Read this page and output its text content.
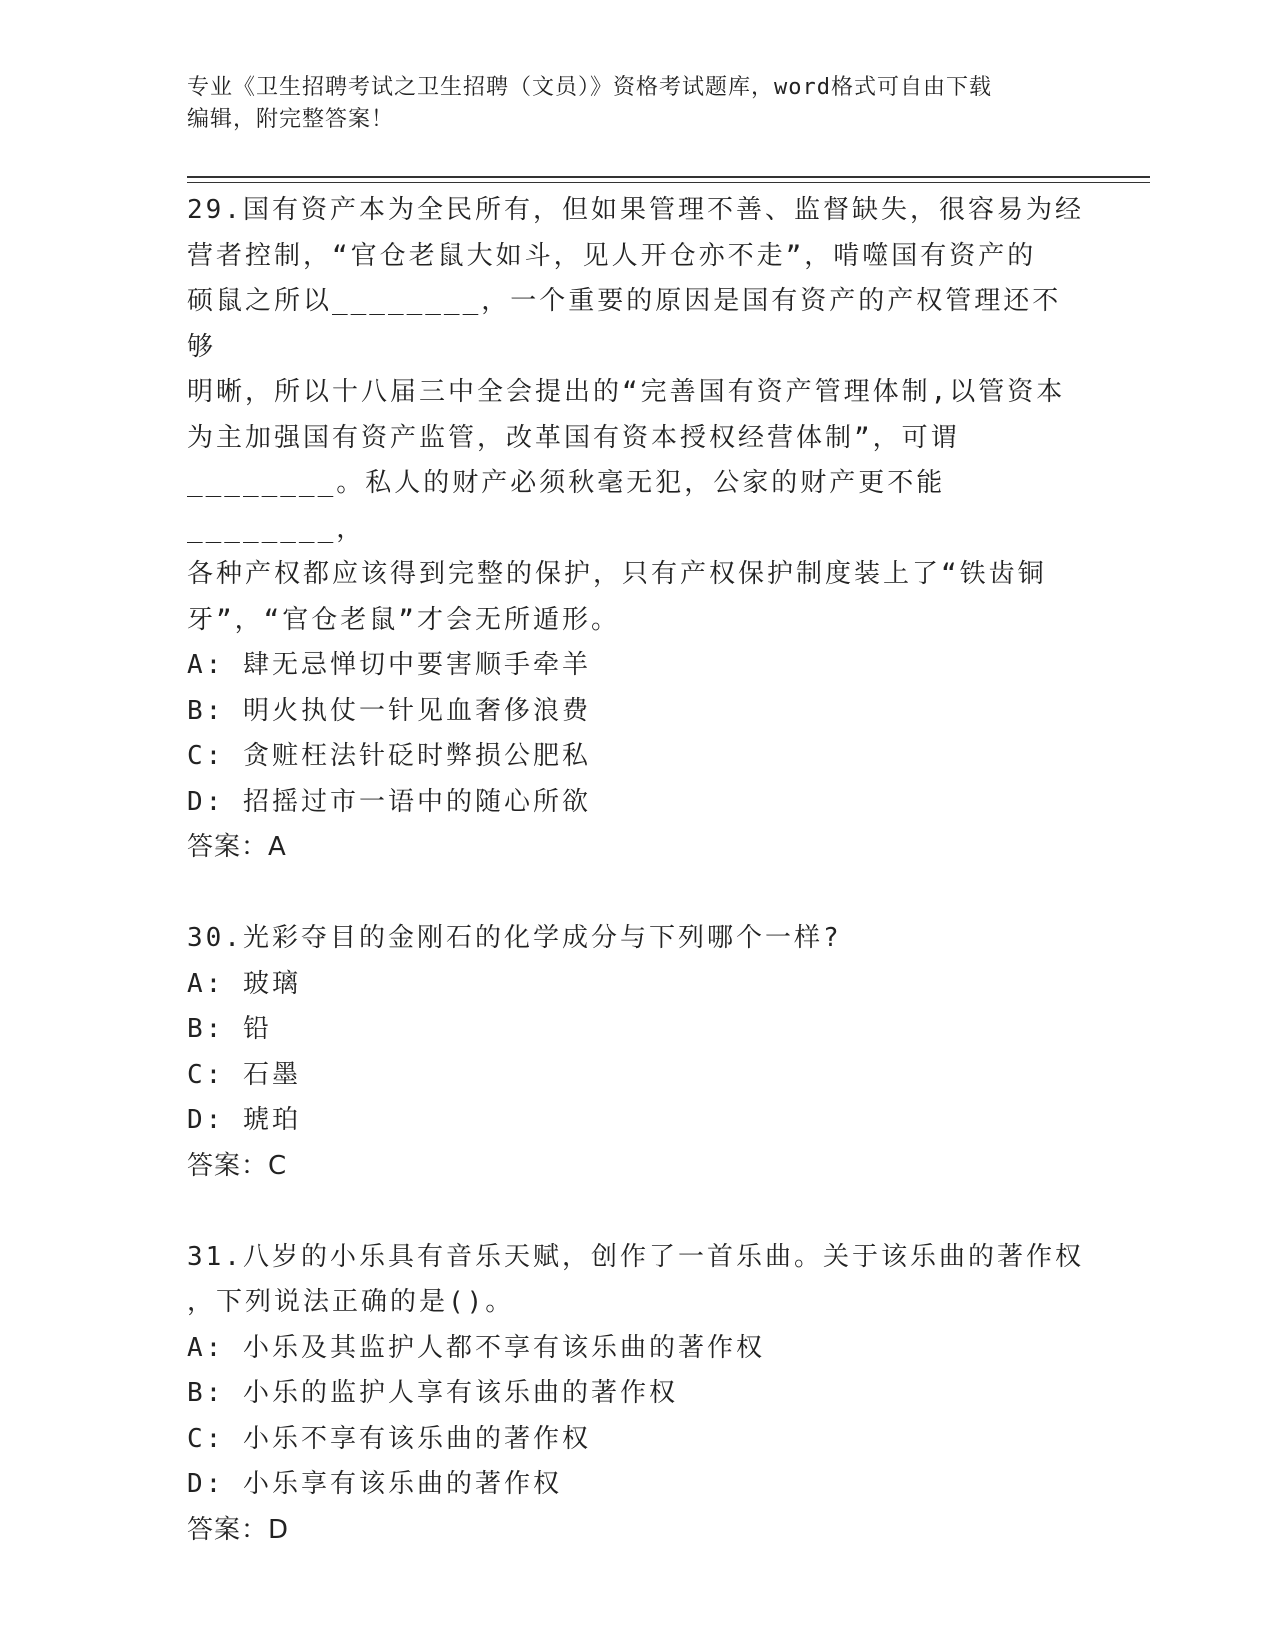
专业《卫生招聘考试之卫生招聘（文员）》资格考试题库，word格式可自由下载
编辑，附完整答案！
29.国有资产本为全民所有，但如果管理不善、监督缺失，很容易为经
营者控制，“官仓老鼠大如斗，见人开仓亦不走”，啃噬国有资产的
硕鼠之所以________，一个重要的原因是国有资产的产权管理还不够
明晰，所以十八届三中全会提出的“完善国有资产管理体制,以管资本
为主加强国有资产监管，改革国有资本授权经营体制”，可谓
________。私人的财产必须秋毫无犯，公家的财产更不能________，
各种产权都应该得到完整的保护，只有产权保护制度装上了“铁齿铜
牙”，“官仓老鼠”才会无所遁形。
A: 肆无忌惮切中要害顺手牵羊
B: 明火执仗一针见血奢侈浪费
C: 贪赃枉法针砭时弊损公肥私
D: 招摇过市一语中的随心所欲
答案：A
30.光彩夺目的金刚石的化学成分与下列哪个一样?
A: 玻璃
B: 铅
C: 石墨
D: 琥珀
答案：C
31.八岁的小乐具有音乐天赋，创作了一首乐曲。关于该乐曲的著作权
，下列说法正确的是()。
A: 小乐及其监护人都不享有该乐曲的著作权
B: 小乐的监护人享有该乐曲的著作权
C: 小乐不享有该乐曲的著作权
D: 小乐享有该乐曲的著作权
答案：D
